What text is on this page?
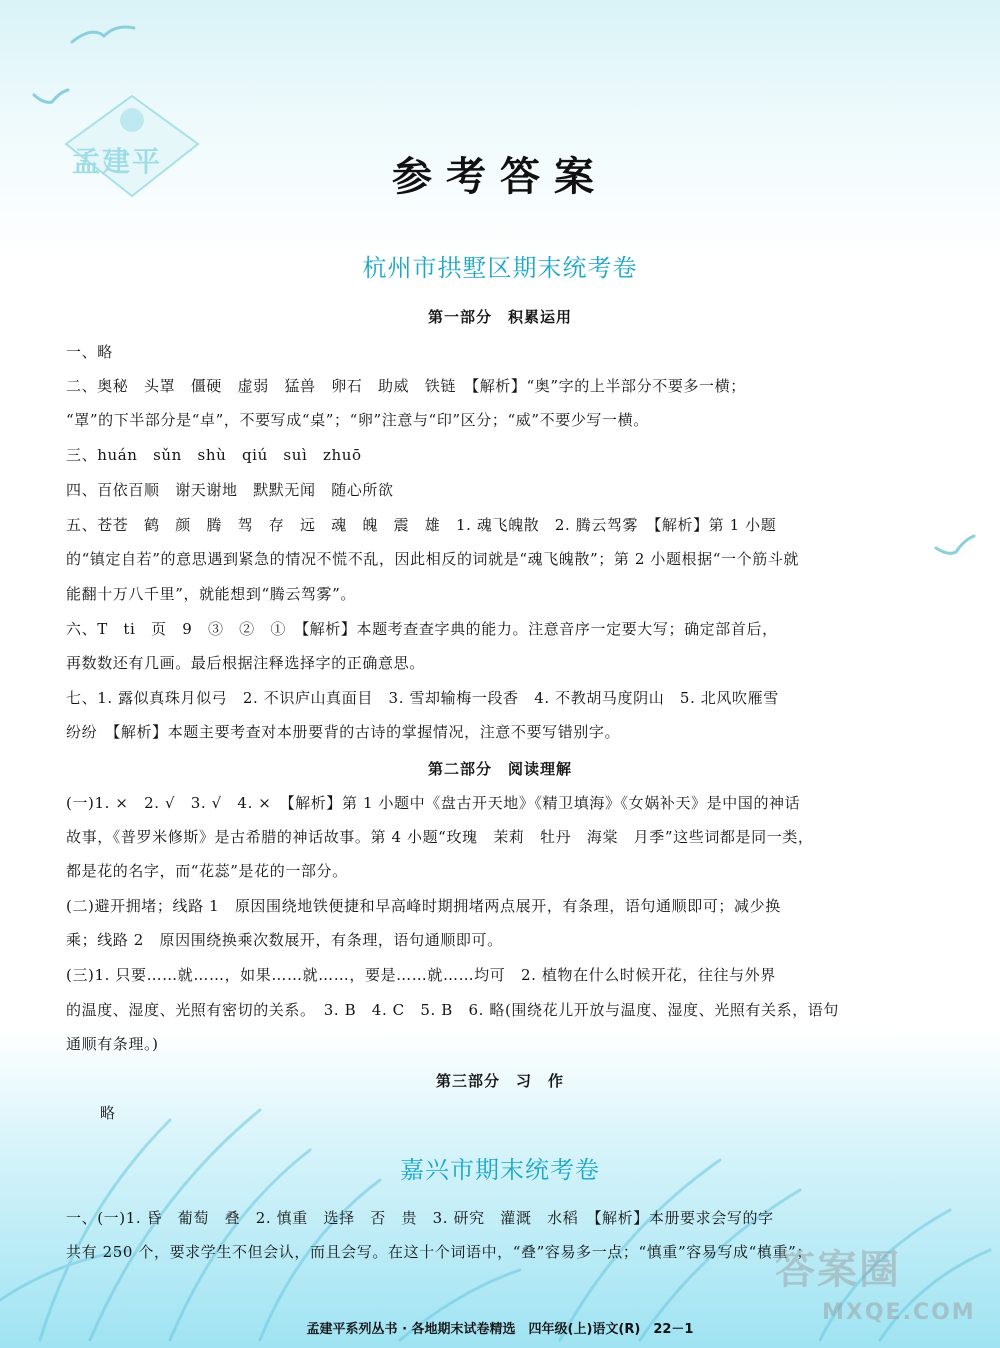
孟建平	参考答案
杭州市拱墅区期末统考卷
第一部分　积累运用
一、略
二、奥秘　头罩　僵硬　虚弱　猛兽　卵石　助威　铁链　【解析】“奥”字的上半部分不要多一横；
“罩”的下半部分是“卓”，不要写成“桌”；“卵”注意与“印”区分；“威”不要少写一横。
三、huán　sǔn　shù　qiú　suì　zhuō
四、百依百顺　谢天谢地　默默无闻　随心所欲
五、苍苍　鹤　颜　腾　驾　存　远　魂　魄　震　雄　1. 魂飞魄散　2. 腾云驾雾　【解析】第 1 小题
的“镇定自若”的意思遇到紧急的情况不慌不乱，因此相反的词就是“魂飞魄散”；第 2 小题根据“一个筋斗就
能翻十万八千里”，就能想到“腾云驾雾”。
六、T　ti　页　9　③　②　①　【解析】本题考查查字典的能力。注意音序一定要大写；确定部首后，
再数数还有几画。最后根据注释选择字的正确意思。
七、1. 露似真珠月似弓　2. 不识庐山真面目　3. 雪却输梅一段香　4. 不教胡马度阴山　5. 北风吹雁雪
纷纷　【解析】本题主要考查对本册要背的古诗的掌握情况，注意不要写错别字。
第二部分　阅读理解
(一)1. ×　2. √　3. √　4. ×　【解析】第 1 小题中《盘古开天地》《精卫填海》《女娲补天》是中国的神话
故事，《普罗米修斯》是古希腊的神话故事。第 4 小题“玫瑰　茉莉　牡丹　海棠　月季”这些词都是同一类，
都是花的名字，而“花蕊”是花的一部分。
(二)避开拥堵；线路 1　原因围绕地铁便捷和早高峰时期拥堵两点展开，有条理，语句通顺即可；减少换
乘；线路 2　原因围绕换乘次数展开，有条理，语句通顺即可。
(三)1. 只要……就……，如果……就……，要是……就……均可　2. 植物在什么时候开花，往往与外界
的温度、湿度、光照有密切的关系。　3. B　4. C　5. B　6. 略(围绕花儿开放与温度、湿度、光照有关系，语句
通顺有条理。)
第三部分　习　作
略
嘉兴市期末统考卷
一、(一)1. 昏　葡萄　叠　2. 慎重　选择　否　贵　3. 研究　灌溉　水稻　【解析】本册要求会写的字
共有 250 个，要求学生不但会认，而且会写。在这十个词语中，“叠”容易多一点；“慎重”容易写成“槙重”；
答案圈
MXQE.COM
孟建平系列丛书 · 各地期末试卷精选　四年级(上)语文(R)　22－1
